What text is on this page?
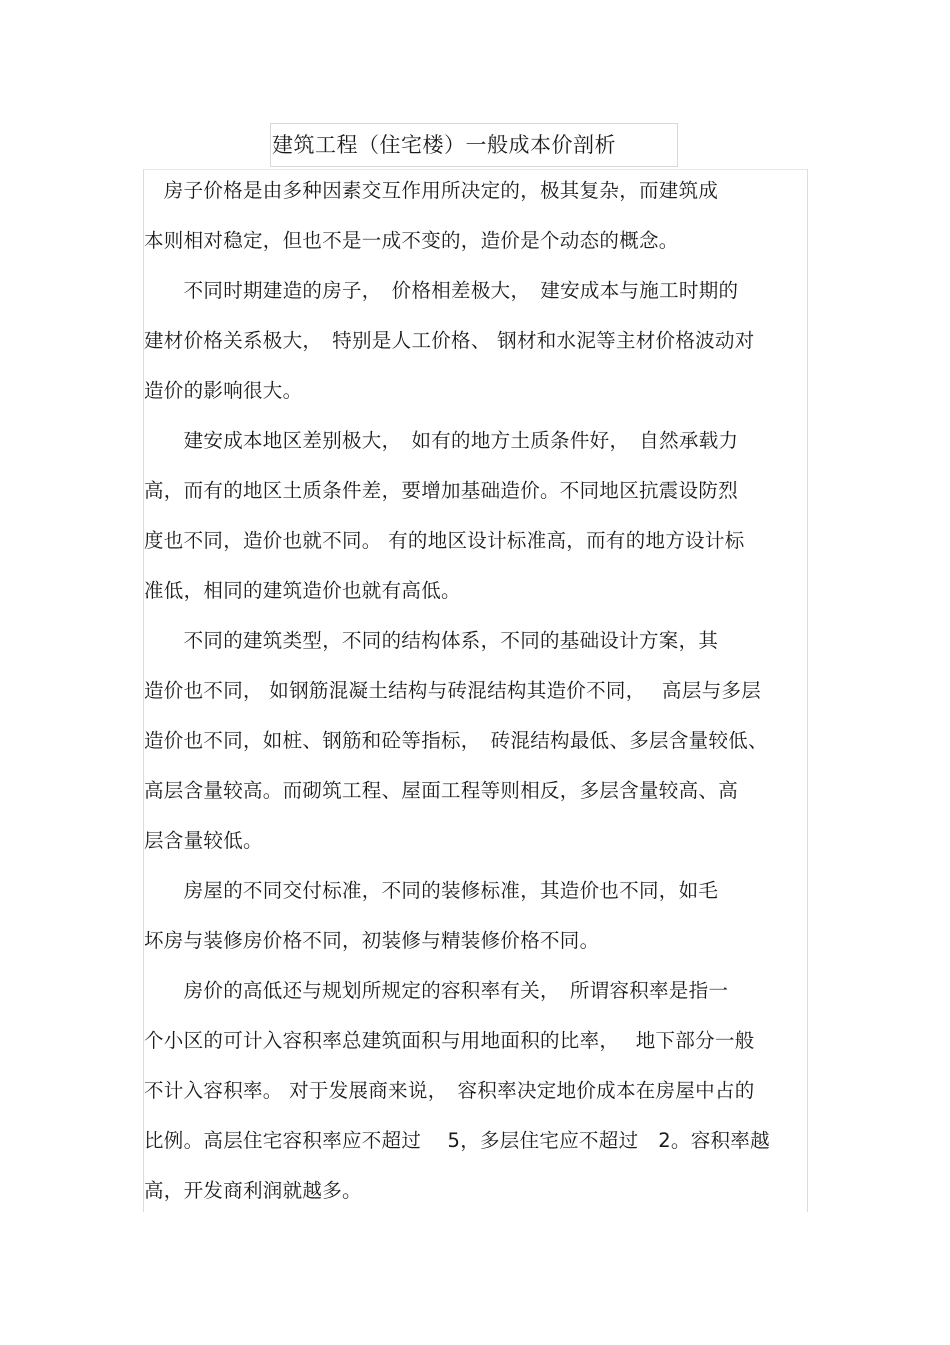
建筑工程（住宅楼）一般成本价剖析
　房子价格是由多种因素交互作用所决定的，极其复杂，而建筑成
本则相对稳定，但也不是一成不变的，造价是个动态的概念。
　　不同时期建造的房子，　价格相差极大，　建安成本与施工时期的
建材价格关系极大，　特别是人工价格、 钢材和水泥等主材价格波动对
造价的影响很大。
　　建安成本地区差别极大，　如有的地方土质条件好，　自然承载力
高，而有的地区土质条件差，要增加基础造价。不同地区抗震设防烈
度也不同，造价也就不同。 有的地区设计标准高，而有的地方设计标
准低，相同的建筑造价也就有高低。
　　不同的建筑类型，不同的结构体系，不同的基础设计方案，其
造价也不同， 如钢筋混凝土结构与砖混结构其造价不同，　 高层与多层
造价也不同，如桩、钢筋和砼等指标，　砖混结构最低、多层含量较低、
高层含量较高。而砌筑工程、屋面工程等则相反，多层含量较高、高
层含量较低。
　　房屋的不同交付标准，不同的装修标准，其造价也不同，如毛
坏房与装修房价格不同，初装修与精装修价格不同。
　　房价的高低还与规划所规定的容积率有关，　所谓容积率是指一
个小区的可计入容积率总建筑面积与用地面积的比率，　 地下部分一般
不计入容积率。 对于发展商来说，　容积率决定地价成本在房屋中占的
比例。高层住宅容积率应不超过　 5，多层住宅应不超过　2。容积率越
高，开发商利润就越多。
